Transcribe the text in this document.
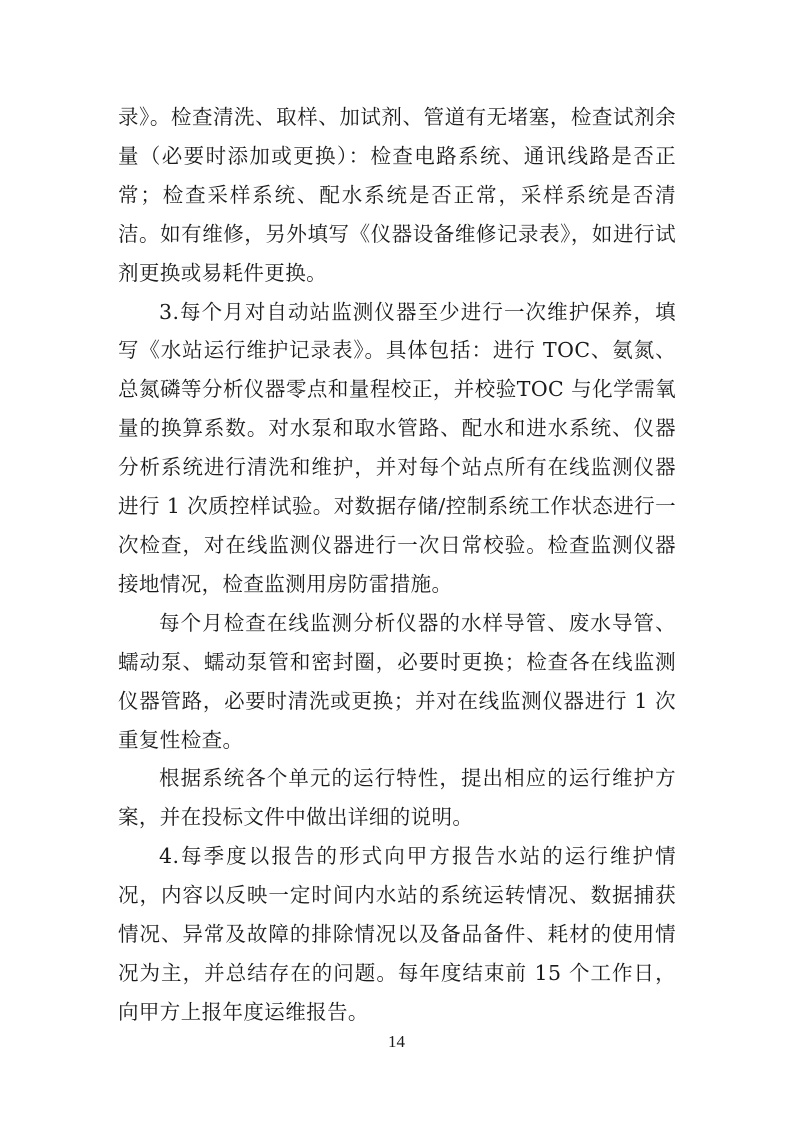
录》。检查清洗、取样、加试剂、管道有无堵塞，检查试剂余量（必要时添加或更换）：检查电路系统、通讯线路是否正常；检查采样系统、配水系统是否正常，采样系统是否清洁。如有维修，另外填写《仪器设备维修记录表》，如进行试剂更换或易耗件更换。

3.每个月对自动站监测仪器至少进行一次维护保养，填写《水站运行维护记录表》。具体包括：进行 TOC、氨氮、总氮磷等分析仪器零点和量程校正，并校验TOC 与化学需氧量的换算系数。对水泵和取水管路、配水和进水系统、仪器分析系统进行清洗和维护，并对每个站点所有在线监测仪器进行 1 次质控样试验。对数据存储/控制系统工作状态进行一次检查，对在线监测仪器进行一次日常校验。检查监测仪器接地情况，检查监测用房防雷措施。

每个月检查在线监测分析仪器的水样导管、废水导管、蠕动泵、蠕动泵管和密封圈，必要时更换；检查各在线监测仪器管路，必要时清洗或更换；并对在线监测仪器进行 1 次重复性检查。

根据系统各个单元的运行特性，提出相应的运行维护方案，并在投标文件中做出详细的说明。

4.每季度以报告的形式向甲方报告水站的运行维护情况，内容以反映一定时间内水站的系统运转情况、数据捕获情况、异常及故障的排除情况以及备品备件、耗材的使用情况为主，并总结存在的问题。每年度结束前 15 个工作日，向甲方上报年度运维报告。

14
